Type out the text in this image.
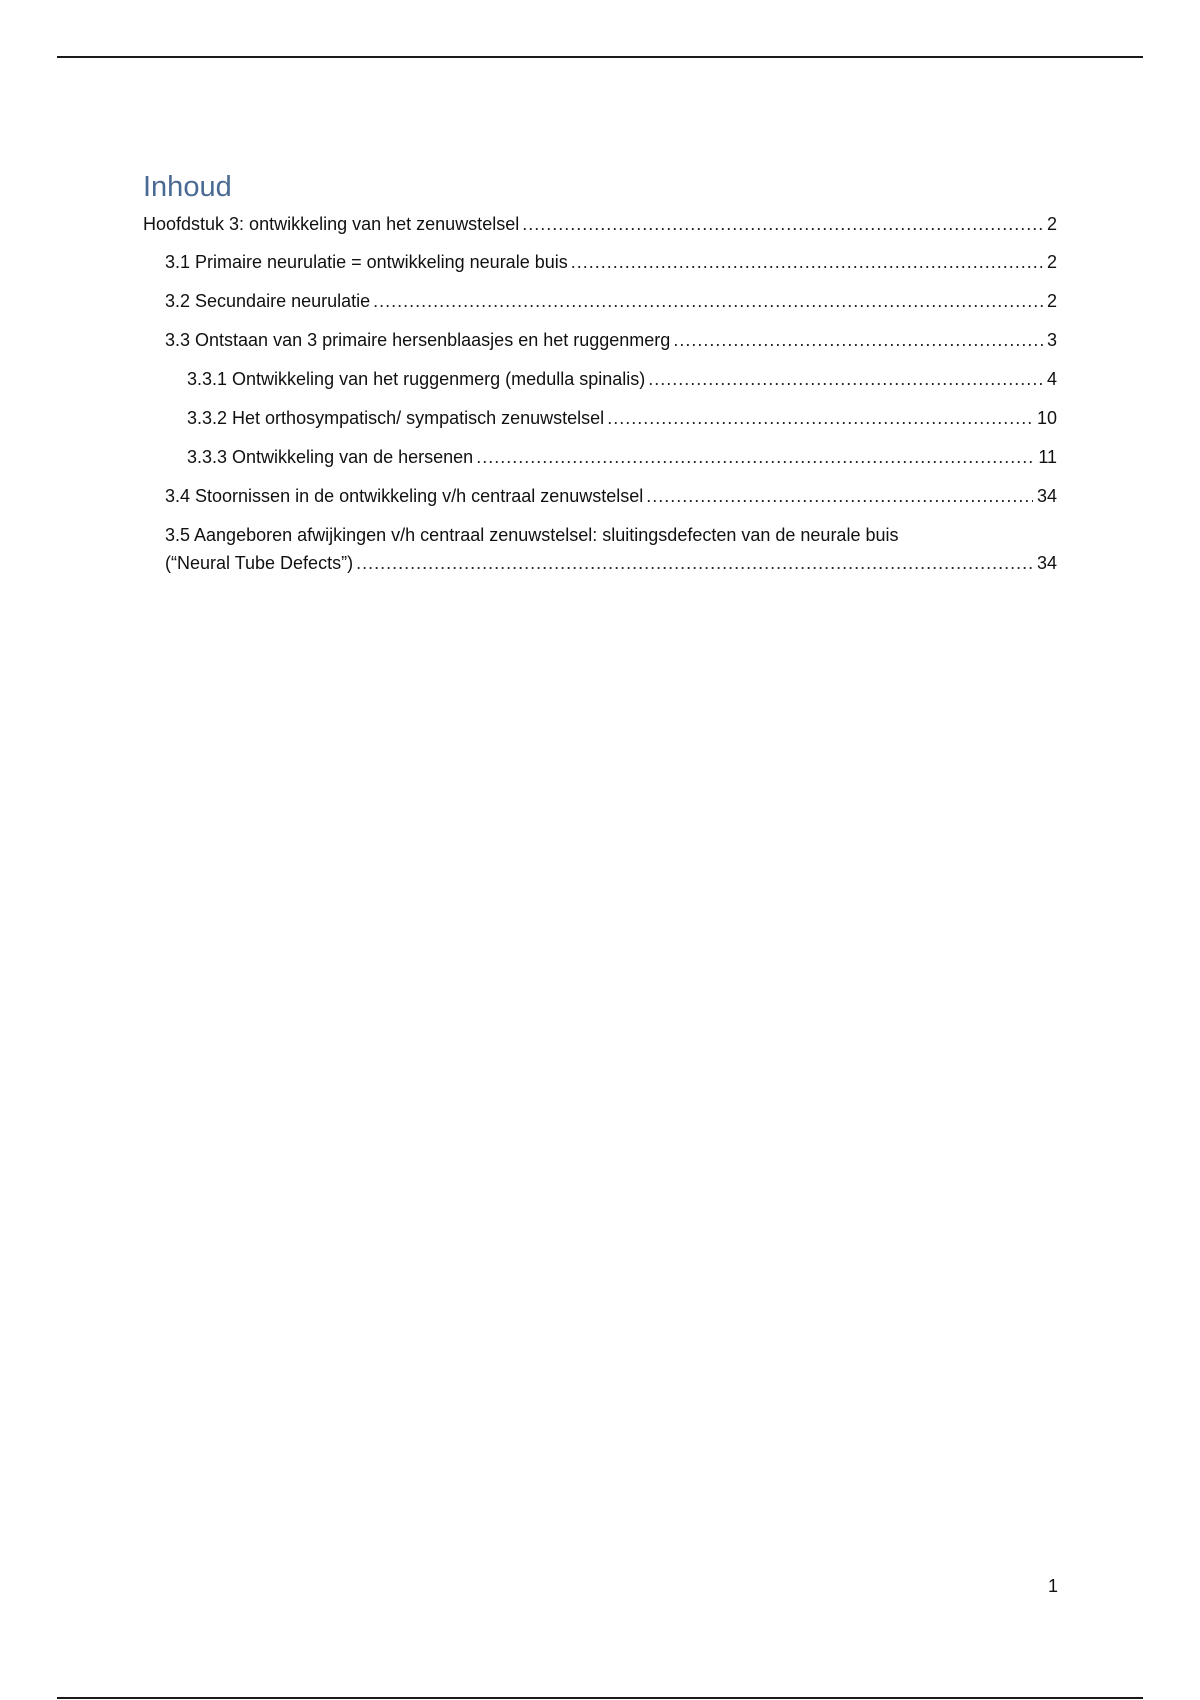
Inhoud
Hoofdstuk 3: ontwikkeling van het zenuwstelsel .....	2
3.1 Primaire neurulatie = ontwikkeling neurale buis .....	2
3.2 Secundaire neurulatie .....	2
3.3 Ontstaan van 3 primaire hersenblaasjes en het ruggenmerg .....	3
3.3.1 Ontwikkeling van het ruggenmerg (medulla spinalis) .....	4
3.3.2 Het orthosympatisch/ sympatisch zenuwstelsel .....	10
3.3.3 Ontwikkeling van de hersenen .....	11
3.4 Stoornissen in de ontwikkeling v/h centraal zenuwstelsel .....	34
3.5 Aangeboren afwijkingen v/h centraal zenuwstelsel: sluitingsdefecten van de neurale buis
(“Neural Tube Defects”) .....	34
1
